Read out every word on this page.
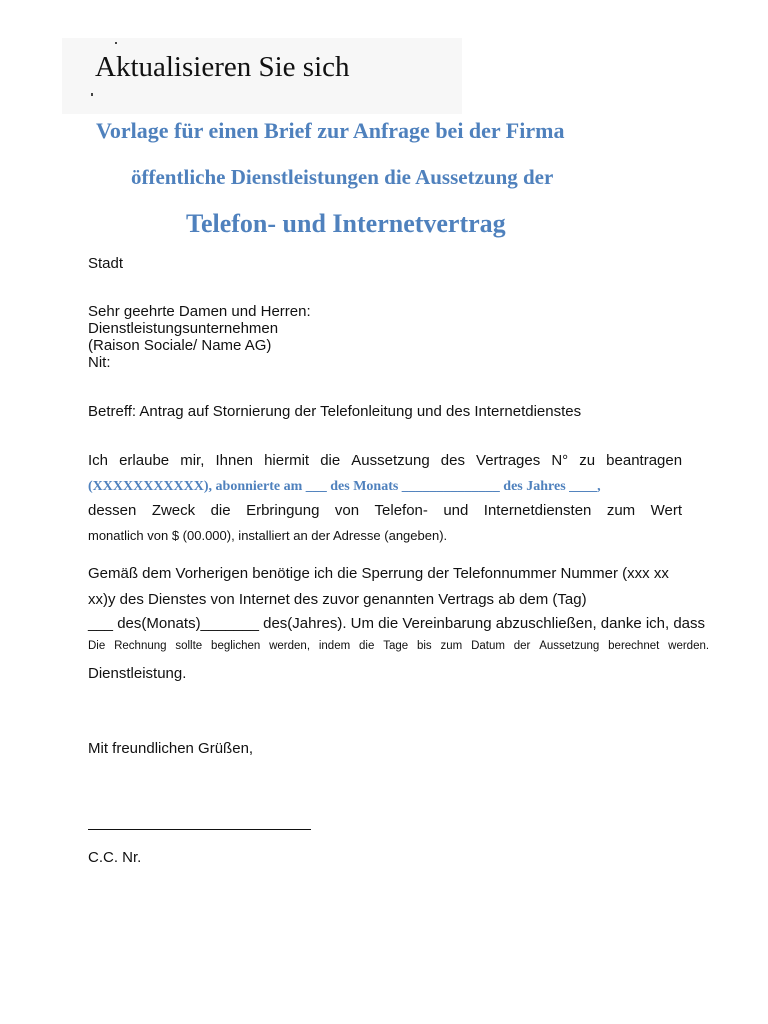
Aktualisieren Sie sich
Vorlage für einen Brief zur Anfrage bei der Firma
öffentliche Dienstleistungen die Aussetzung der
Telefon- und Internetvertrag
Stadt
Sehr geehrte Damen und Herren:
Dienstleistungsunternehmen
(Raison Sociale/ Name AG)
Nit:
Betreff: Antrag auf Stornierung der Telefonleitung und des Internetdienstes
Ich erlaube mir, Ihnen hiermit die Aussetzung des Vertrages N° zu beantragen
(XXXXXXXXXXX), abonnierte am ___ des Monats ______________ des Jahres ____,
dessen Zweck die Erbringung von Telefon- und Internetdiensten zum Wert
monatlich von $ (00.000), installiert an der Adresse (angeben).
Gemäß dem Vorherigen benötige ich die Sperrung der Telefonnummer Nummer (xxx xx
xx)y des Dienstes von Internet des zuvor genannten Vertrags ab dem (Tag)
___ des(Monats)_______ des(Jahres). Um die Vereinbarung abzuschließen, danke ich, dass
Die Rechnung sollte beglichen werden, indem die Tage bis zum Datum der Aussetzung berechnet werden.
Dienstleistung.
Mit freundlichen Grüßen,
C.C. Nr.
